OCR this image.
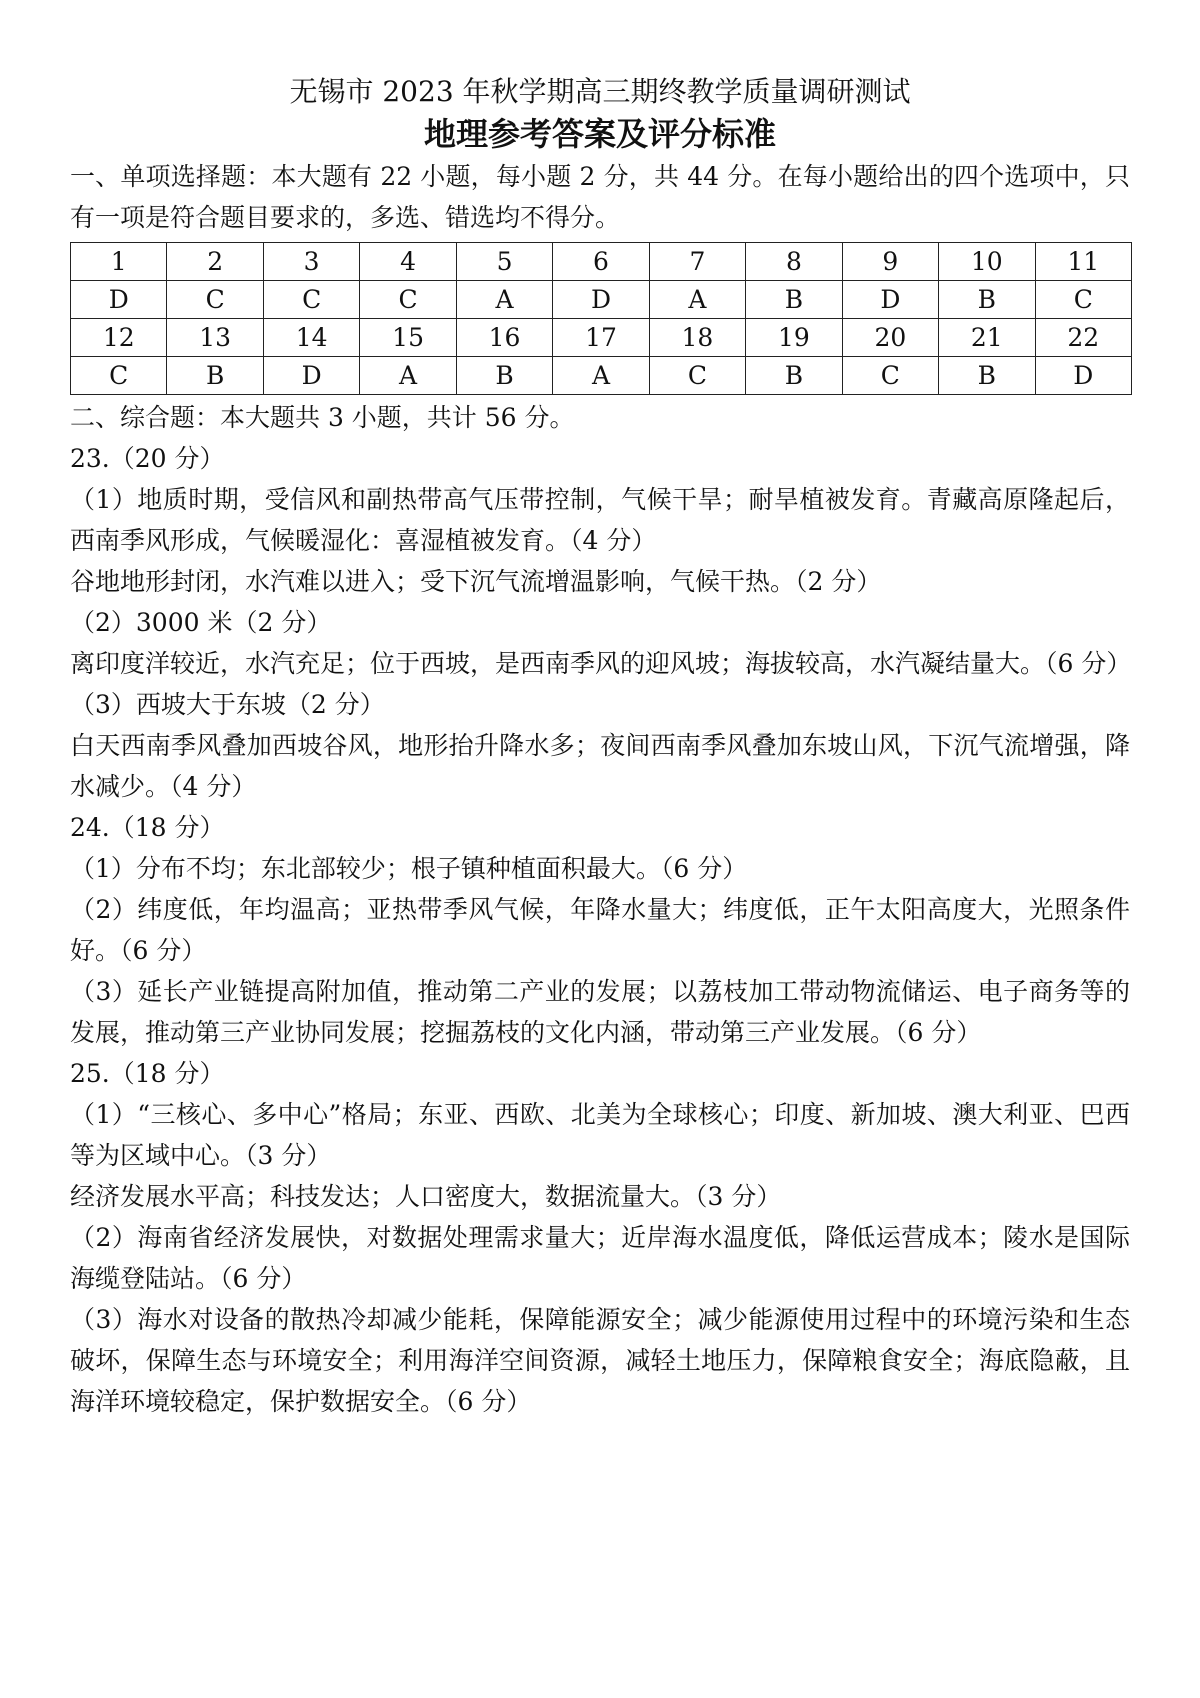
无锡市 2023 年秋学期高三期终教学质量调研测试
地理参考答案及评分标准

一、单项选择题：本大题有 22 小题，每小题 2 分，共 44 分。在每小题给出的四个选项中，只有一项是符合题目要求的，多选、错选均不得分。

1	2	3	4	5	6	7	8	9	10	11
D	C	C	C	A	D	A	B	D	B	C
12	13	14	15	16	17	18	19	20	21	22
C	B	D	A	B	A	C	B	C	B	D

二、综合题：本大题共 3 小题，共计 56 分。

23.（20 分）

（1）地质时期，受信风和副热带高气压带控制，气候干旱；耐旱植被发育。青藏高原隆起后，西南季风形成，气候暖湿化：喜湿植被发育。（4 分）

谷地地形封闭，水汽难以进入；受下沉气流增温影响，气候干热。（2 分）

（2）3000 米（2 分）

离印度洋较近，水汽充足；位于西坡，是西南季风的迎风坡；海拔较高，水汽凝结量大。（6 分）

（3）西坡大于东坡（2 分）

白天西南季风叠加西坡谷风，地形抬升降水多；夜间西南季风叠加东坡山风，下沉气流增强，降水减少。（4 分）

24.（18 分）

（1）分布不均；东北部较少；根子镇种植面积最大。（6 分）

（2）纬度低，年均温高；亚热带季风气候，年降水量大；纬度低，正午太阳高度大，光照条件好。（6 分）

（3）延长产业链提高附加值，推动第二产业的发展；以荔枝加工带动物流储运、电子商务等的发展，推动第三产业协同发展；挖掘荔枝的文化内涵，带动第三产业发展。（6 分）

25.（18 分）

（1）“三核心、多中心”格局；东亚、西欧、北美为全球核心；印度、新加坡、澳大利亚、巴西等为区域中心。（3 分）

经济发展水平高；科技发达；人口密度大，数据流量大。（3 分）

（2）海南省经济发展快，对数据处理需求量大；近岸海水温度低，降低运营成本；陵水是国际海缆登陆站。（6 分）

（3）海水对设备的散热冷却减少能耗，保障能源安全；减少能源使用过程中的环境污染和生态破坏，保障生态与环境安全；利用海洋空间资源，减轻土地压力，保障粮食安全；海底隐蔽，且海洋环境较稳定，保护数据安全。（6 分）
